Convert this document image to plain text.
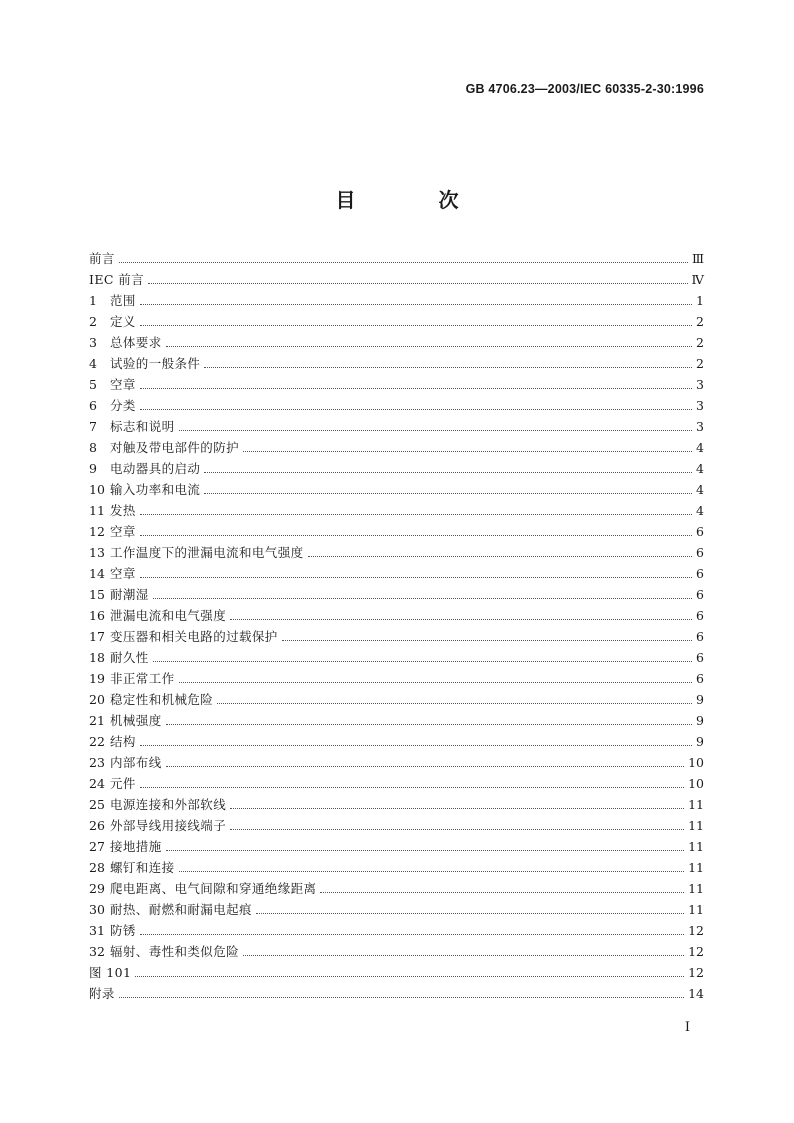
GB 4706.23—2003/IEC 60335-2-30:1996
目 次
前言	Ⅲ
IEC 前言	Ⅳ
1	范围	1
2	定义	2
3	总体要求	2
4	试验的一般条件	2
5	空章	3
6	分类	3
7	标志和说明	3
8	对触及带电部件的防护	4
9	电动器具的启动	4
10 输入功率和电流	4
11 发热	4
12 空章	6
13 工作温度下的泄漏电流和电气强度	6
14 空章	6
15 耐潮湿	6
16 泄漏电流和电气强度	6
17 变压器和相关电路的过载保护	6
18 耐久性	6
19 非正常工作	6
20 稳定性和机械危险	9
21 机械强度	9
22 结构	9
23 内部布线	10
24 元件	10
25 电源连接和外部软线	11
26 外部导线用接线端子	11
27 接地措施	11
28 螺钉和连接	11
29 爬电距离、电气间隙和穿通绝缘距离	11
30 耐热、耐燃和耐漏电起痕	11
31 防锈	12
32 辐射、毒性和类似危险	12
图 101	12
附录	14
I
